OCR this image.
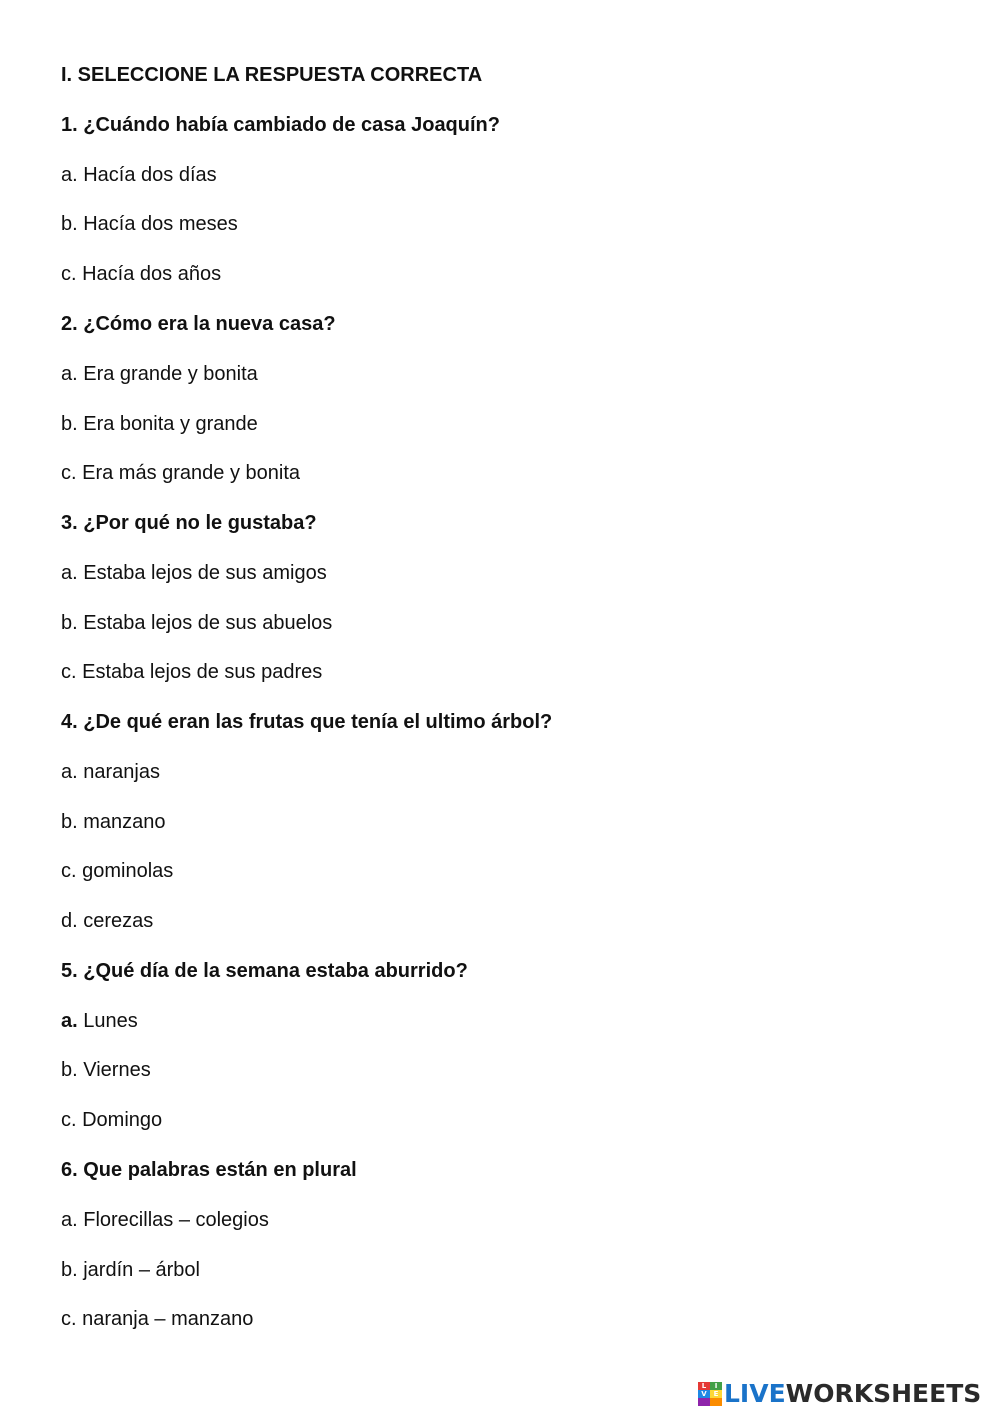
I. SELECCIONE LA RESPUESTA CORRECTA
1. ¿Cuándo había cambiado de casa Joaquín?
a. Hacía dos días
b. Hacía dos meses
c. Hacía dos años
2. ¿Cómo era la nueva casa?
a. Era grande y bonita
b. Era bonita y grande
c. Era más grande y bonita
3. ¿Por qué no le gustaba?
a. Estaba lejos de sus amigos
b. Estaba lejos de sus abuelos
c. Estaba lejos de sus padres
4. ¿De qué eran las frutas que tenía el ultimo árbol?
a. naranjas
b. manzano
c. gominolas
d. cerezas
5. ¿Qué día de la semana estaba aburrido?
a. Lunes
b. Viernes
c. Domingo
6. Que palabras están en plural
a. Florecillas – colegios
b. jardín – árbol
c. naranja – manzano
L	I
V E LIVEWORKSHEETS
